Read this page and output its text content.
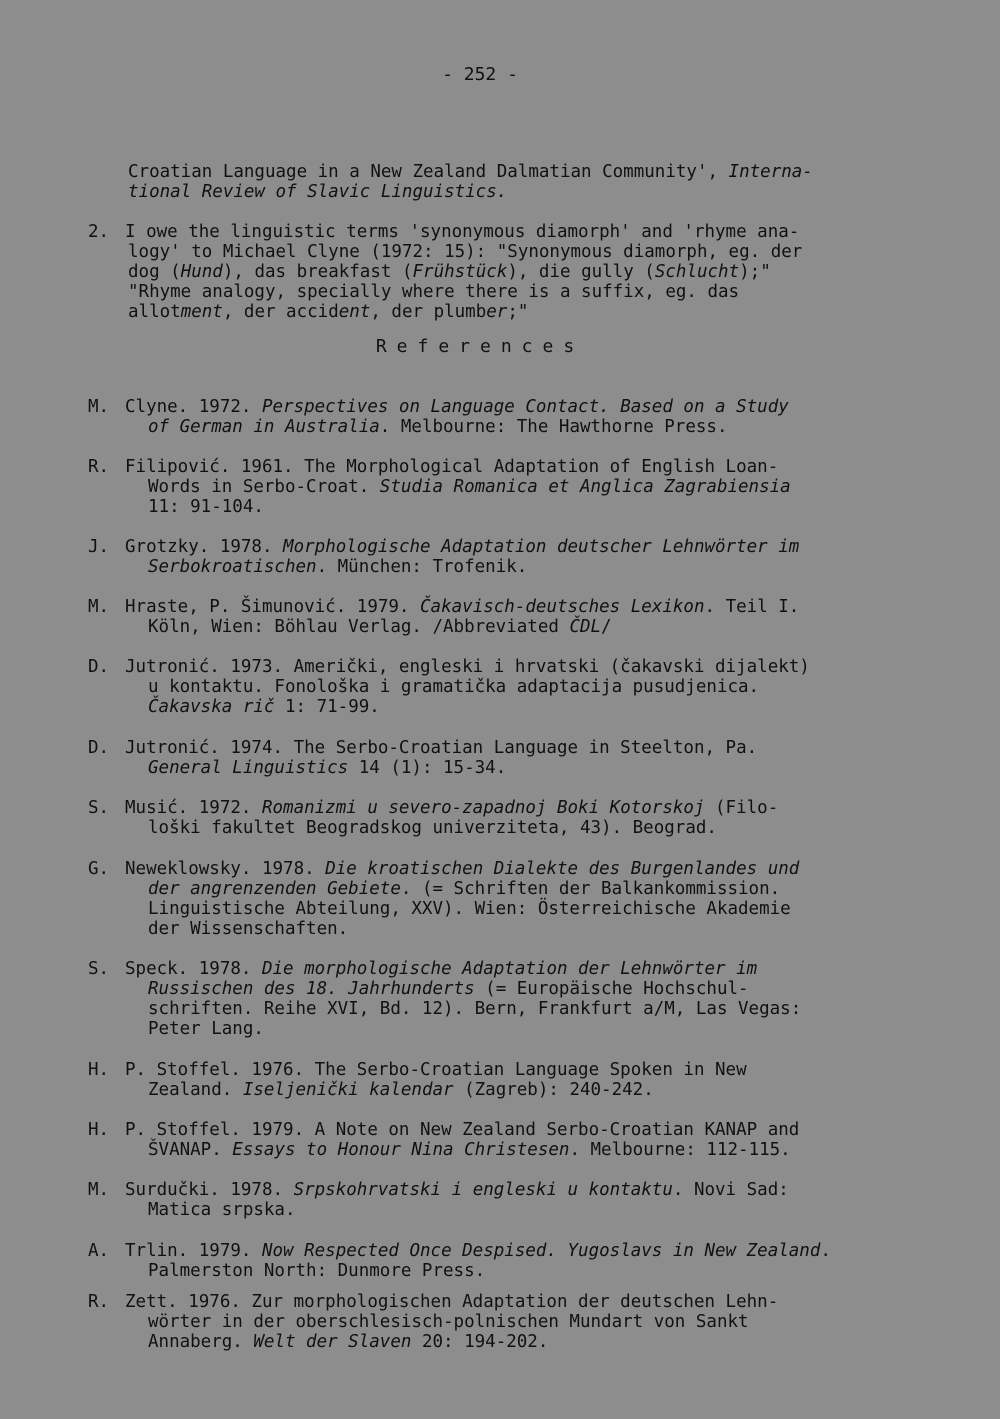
- 252 -
Croatian Language in a New Zealand Dalmatian Community', Interna-
tional Review of Slavic Linguistics.
2. I owe the linguistic terms 'synonymous diamorph' and 'rhyme ana-
logy' to Michael Clyne (1972: 15): "Synonymous diamorph, eg. der
dog (Hund), das breakfast (Frühstück), die gully (Schlucht);"
"Rhyme analogy, specially where there is a suffix, eg. das
allotment, der accident, der plumber;"
References
M. Clyne. 1972. Perspectives on Language Contact. Based on a Study
of German in Australia. Melbourne: The Hawthorne Press.
R. Filipović. 1961. The Morphological Adaptation of English Loan-
Words in Serbo-Croat. Studia Romanica et Anglica Zagrabiensia
11: 91-104.
J. Grotzky. 1978. Morphologische Adaptation deutscher Lehnwörter im
Serbokroatischen. München: Trofenik.
M. Hraste, P. Šimunović. 1979. Čakavisch-deutsches Lexikon. Teil I.
Köln, Wien: Böhlau Verlag. /Abbreviated ČDL/
D. Jutronić. 1973. Američki, engleski i hrvatski (čakavski dijalekt)
u kontaktu. Fonološka i gramatička adaptacija pusudjenica.
Čakavska rič 1: 71-99.
D. Jutronić. 1974. The Serbo-Croatian Language in Steelton, Pa.
General Linguistics 14 (1): 15-34.
S. Musić. 1972. Romanizmi u severo-zapadnoj Boki Kotorskoj (Filo-
loški fakultet Beogradskog univerziteta, 43). Beograd.
G. Neweklowsky. 1978. Die kroatischen Dialekte des Burgenlandes und
der angrenzenden Gebiete. (= Schriften der Balkankommission.
Linguistische Abteilung, XXV). Wien: Österreichische Akademie
der Wissenschaften.
S. Speck. 1978. Die morphologische Adaptation der Lehnwörter im
Russischen des 18. Jahrhunderts (= Europäische Hochschul-
schriften. Reihe XVI, Bd. 12). Bern, Frankfurt a/M, Las Vegas:
Peter Lang.
H. P. Stoffel. 1976. The Serbo-Croatian Language Spoken in New
Zealand. Iseljenički kalendar (Zagreb): 240-242.
H. P. Stoffel. 1979. A Note on New Zealand Serbo-Croatian KANAP and
ŠVANAP. Essays to Honour Nina Christesen. Melbourne: 112-115.
M. Surdučki. 1978. Srpskohrvatski i engleski u kontaktu. Novi Sad:
Matica srpska.
A. Trlin. 1979. Now Respected Once Despised. Yugoslavs in New Zealand.
Palmerston North: Dunmore Press.
R. Zett. 1976. Zur morphologischen Adaptation der deutschen Lehn-
wörter in der oberschlesisch-polnischen Mundart von Sankt
Annaberg. Welt der Slaven 20: 194-202.
